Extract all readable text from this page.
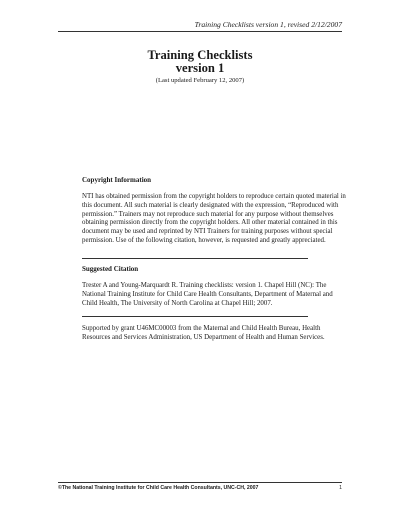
Training Checklists version 1, revised 2/12/2007
Training Checklists
version 1
(Last updated February 12, 2007)
Copyright Information
NTI has obtained permission from the copyright holders to reproduce certain quoted material in this document. All such material is clearly designated with the expression, “Reproduced with permission.” Trainers may not reproduce such material for any purpose without themselves obtaining permission directly from the copyright holders. All other material contained in this document may be used and reprinted by NTI Trainers for training purposes without special permission. Use of the following citation, however, is requested and greatly appreciated.
Suggested Citation
Trester A and Young-Marquardt R. Training checklists: version 1. Chapel Hill (NC): The National Training Institute for Child Care Health Consultants, Department of Maternal and Child Health, The University of North Carolina at Chapel Hill; 2007.
Supported by grant U46MC00003 from the Maternal and Child Health Bureau, Health Resources and Services Administration, US Department of Health and Human Services.
©The National Training Institute for Child Care Health Consultants, UNC-CH, 2007	1
